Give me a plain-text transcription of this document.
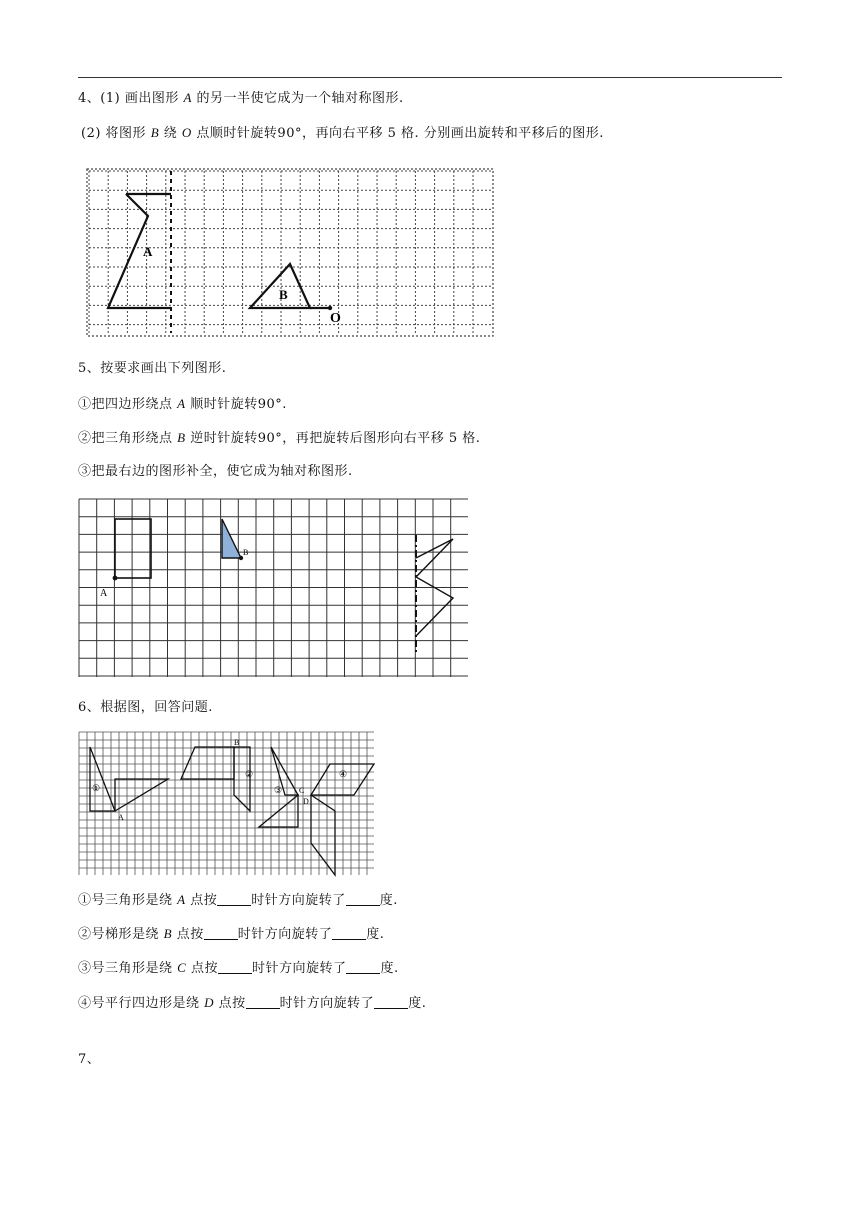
4、(1) 画出图形 A 的另一半使它成为一个轴对称图形.
(2) 将图形 B 绕 O 点顺时针旋转90°，再向右平移 5 格. 分别画出旋转和平移后的图形.
A
B
O
5、按要求画出下列图形.
①把四边形绕点 A 顺时针旋转90°.
②把三角形绕点 B 逆时针旋转90°，再把旋转后图形向右平移 5 格.
③把最右边的图形补全，使它成为轴对称图形.
A
B
6、根据图，回答问题.
①
A
B
②
③ C
④
D
①号三角形是绕 A 点按	时针方向旋转了	度.
②号梯形是绕 B 点按	时针方向旋转了	度.
③号三角形是绕 C 点按	时针方向旋转了	度.
④号平行四边形是绕 D 点按	时针方向旋转了	度.
7、
